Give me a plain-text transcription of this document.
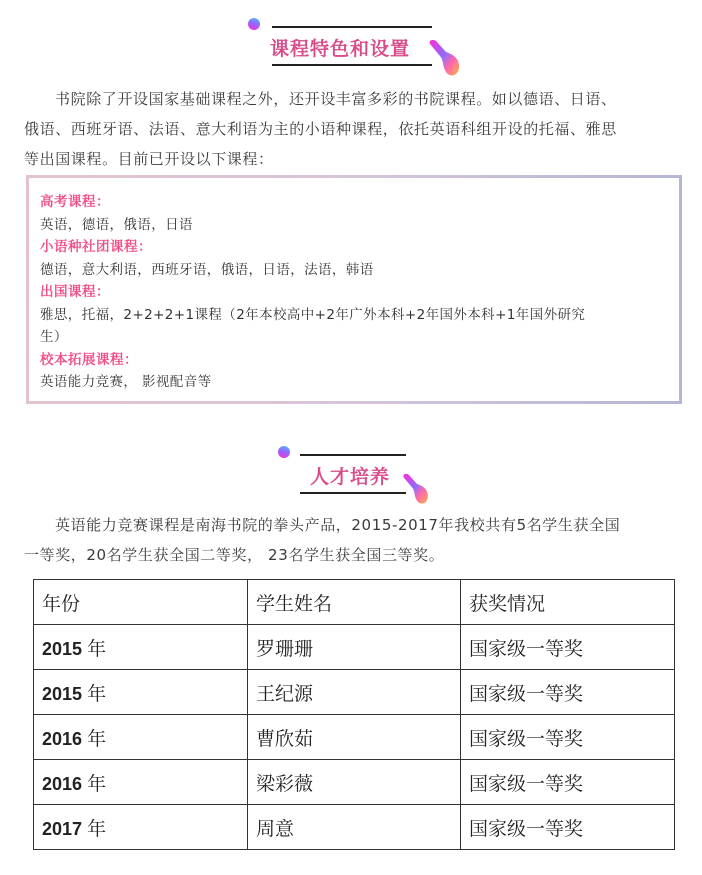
课程特色和设置
书院除了开设国家基础课程之外，还开设丰富多彩的书院课程。如以德语、日语、
俄语、西班牙语、法语、意大利语为主的小语种课程，依托英语科组开设的托福、雅思
等出国课程。目前已开设以下课程：
高考课程：
英语，德语，俄语，日语
小语种社团课程：
德语，意大利语，西班牙语，俄语，日语，法语，韩语
出国课程：
雅思，托福，2+2+2+1课程（2年本校高中+2年广外本科+2年国外本科+1年国外研究
生）
校本拓展课程：
英语能力竞赛， 影视配音等
人才培养
英语能力竞赛课程是南海书院的拳头产品，2015-2017年我校共有5名学生获全国
一等奖，20名学生获全国二等奖， 23名学生获全国三等奖。
年份	学生姓名	获奖情况
2015 年	罗珊珊	国家级一等奖
2015 年	王纪源	国家级一等奖
2016 年	曹欣茹	国家级一等奖
2016 年	梁彩薇	国家级一等奖
2017 年	周意	国家级一等奖
